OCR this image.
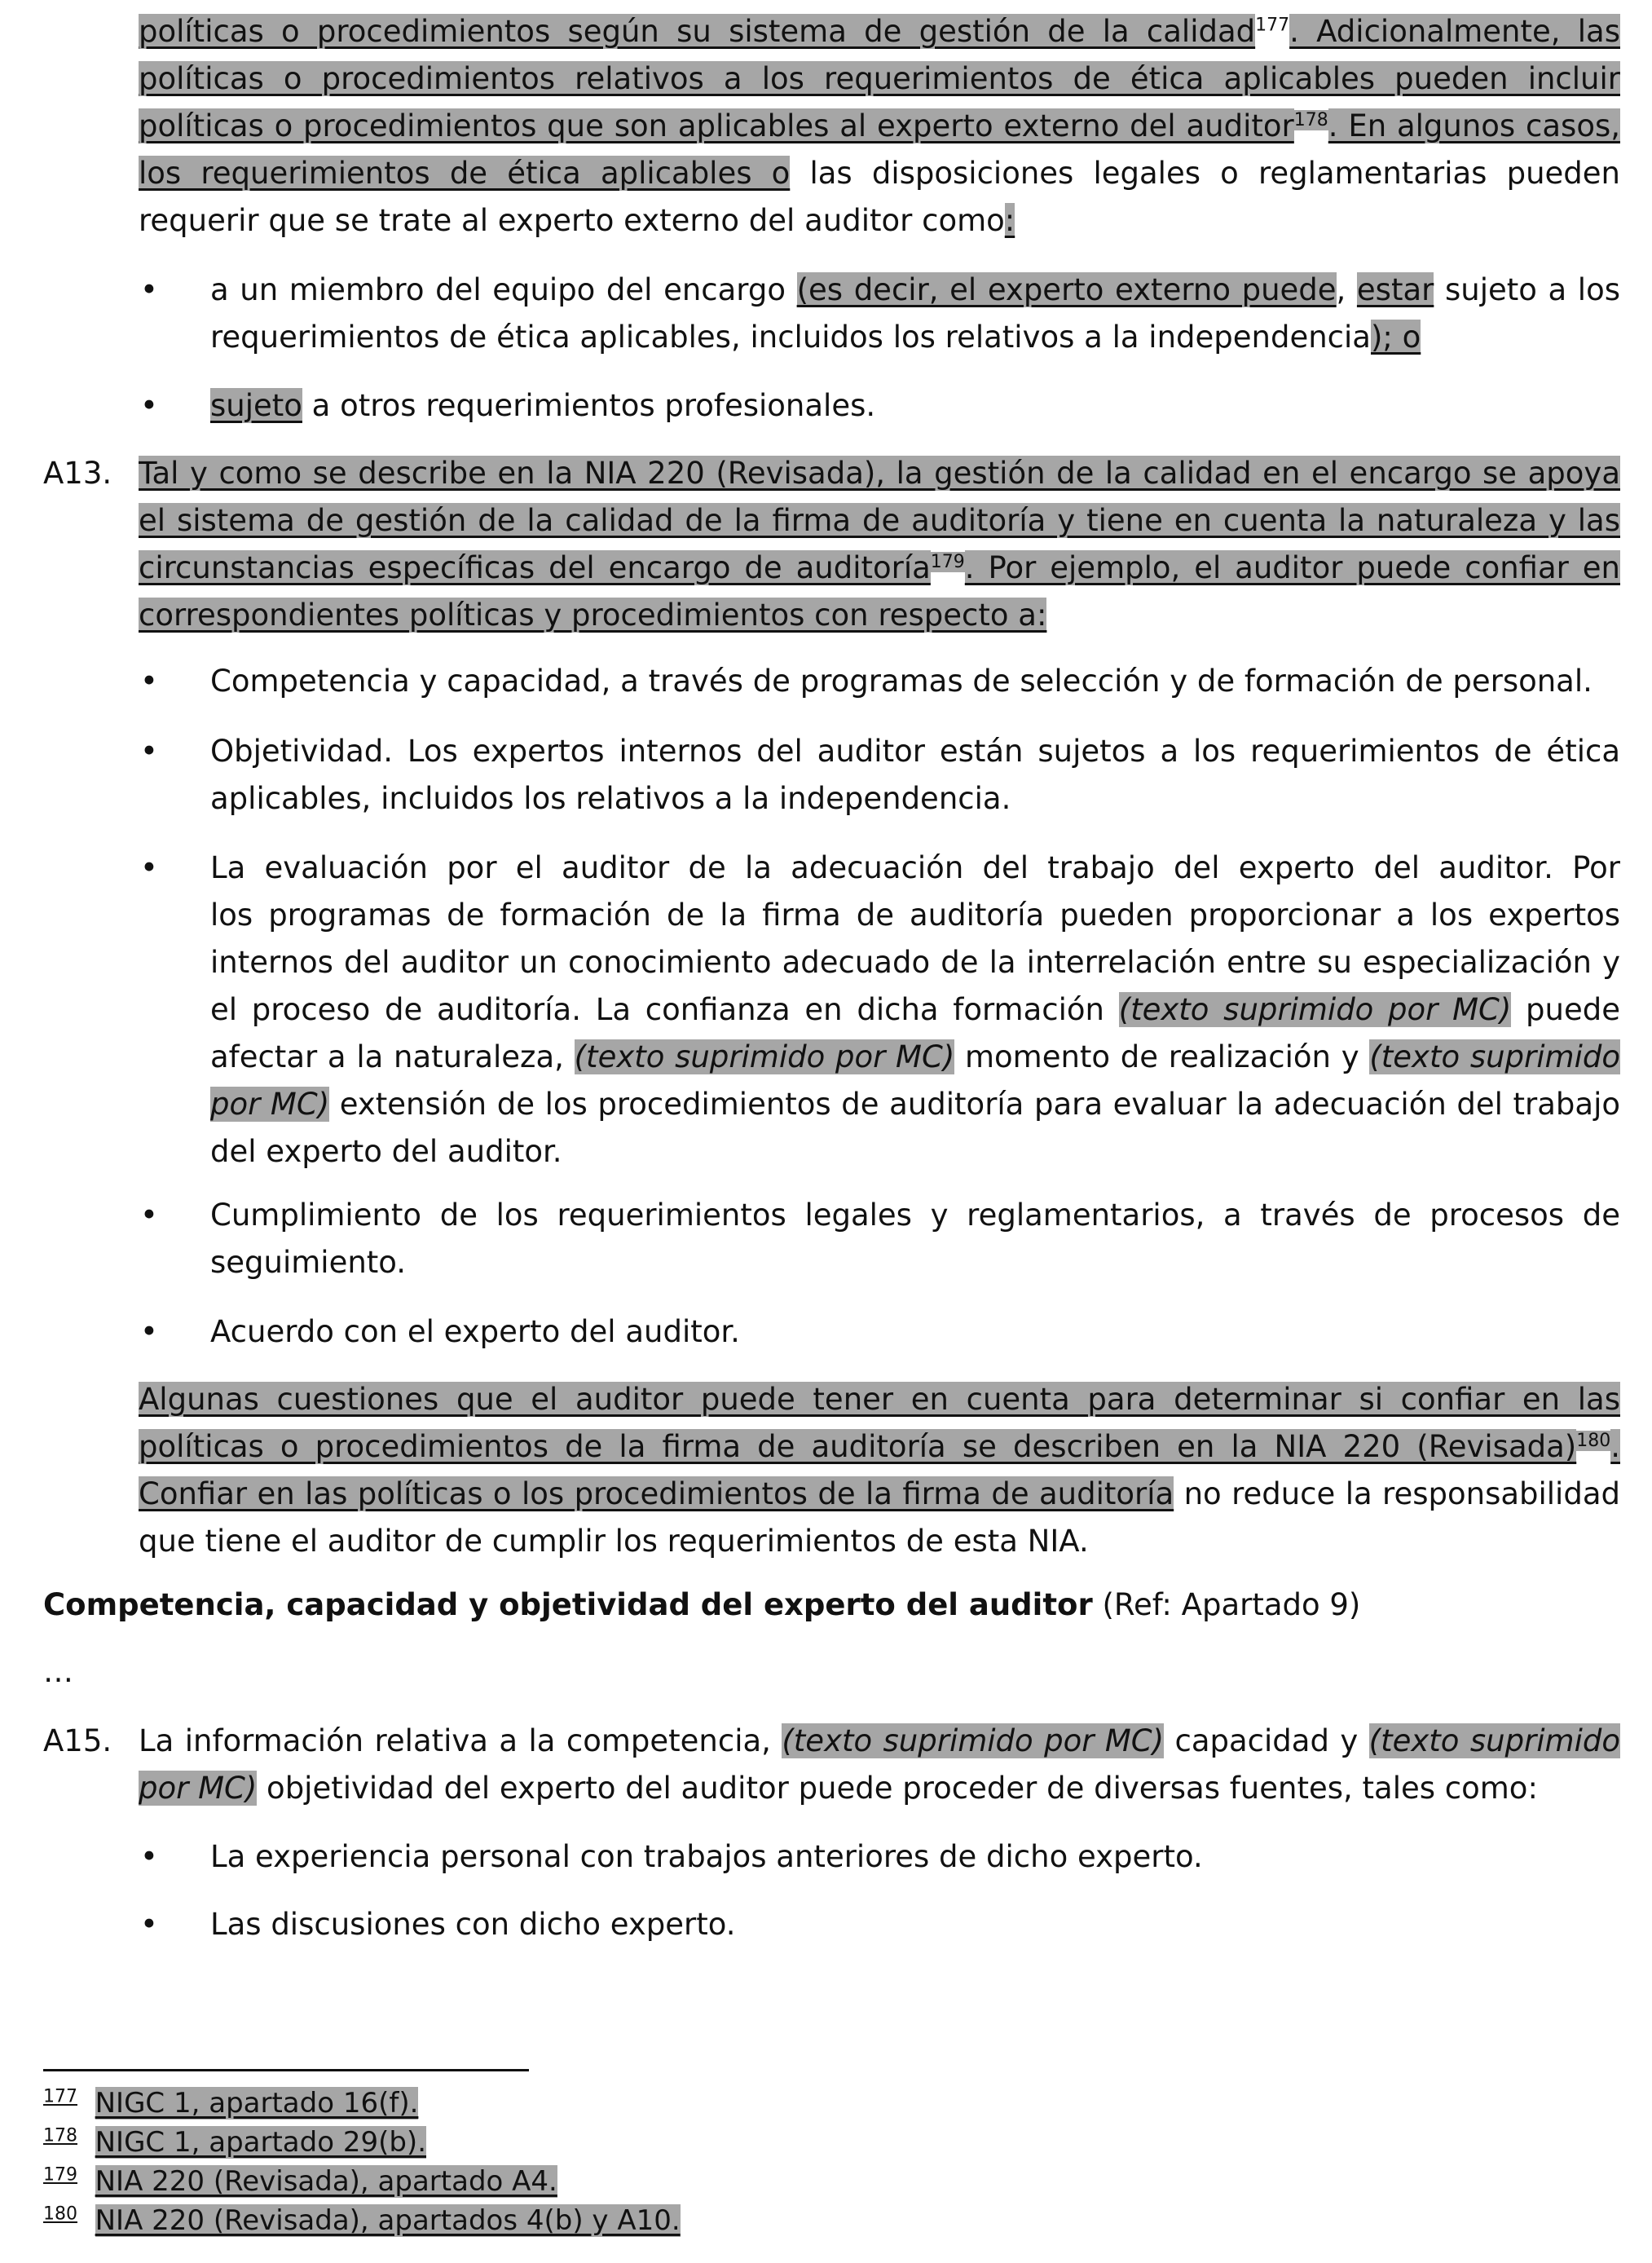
políticas o procedimientos según su sistema de gestión de la calidad$^{177}$. Adicionalmente, las
políticas o procedimientos relativos a los requerimientos de ética aplicables pueden incluir
políticas o procedimientos que son aplicables al experto externo del auditor$^{178}$. En algunos casos,
los requerimientos de ética aplicables o las disposiciones legales o reglamentarias pueden
requerir que se trate al experto externo del auditor como:
• a un miembro del equipo del encargo (es decir, el experto externo puede, estar sujeto a los
requerimientos de ética aplicables, incluidos los relativos a la independencia); o
• sujeto a otros requerimientos profesionales.
A13. Tal y como se describe en la NIA 220 (Revisada), la gestión de la calidad en el encargo se apoya
el sistema de gestión de la calidad de la firma de auditoría y tiene en cuenta la naturaleza y las
circunstancias específicas del encargo de auditoría$^{179}$. Por ejemplo, el auditor puede confiar en
correspondientes políticas y procedimientos con respecto a:
• Competencia y capacidad, a través de programas de selección y de formación de personal.
• Objetividad. Los expertos internos del auditor están sujetos a los requerimientos de ética
aplicables, incluidos los relativos a la independencia.
• La evaluación por el auditor de la adecuación del trabajo del experto del auditor. Por
los programas de formación de la firma de auditoría pueden proporcionar a los expertos
internos del auditor un conocimiento adecuado de la interrelación entre su especialización y
el proceso de auditoría. La confianza en dicha formación (texto suprimido por MC) puede
afectar a la naturaleza, (texto suprimido por MC) momento de realización y (texto suprimido
por MC) extensión de los procedimientos de auditoría para evaluar la adecuación del trabajo
del experto del auditor.
• Cumplimiento de los requerimientos legales y reglamentarios, a través de procesos de
seguimiento.
• Acuerdo con el experto del auditor.
Algunas cuestiones que el auditor puede tener en cuenta para determinar si confiar en las
políticas o procedimientos de la firma de auditoría se describen en la NIA 220 (Revisada)$^{180}$.
Confiar en las políticas o los procedimientos de la firma de auditoría no reduce la responsabilidad
que tiene el auditor de cumplir los requerimientos de esta NIA.
Competencia, capacidad y objetividad del experto del auditor (Ref: Apartado 9)
…
A15. La información relativa a la competencia, (texto suprimido por MC) capacidad y (texto suprimido
por MC) objetividad del experto del auditor puede proceder de diversas fuentes, tales como:
• La experiencia personal con trabajos anteriores de dicho experto.
• Las discusiones con dicho experto.
$^{177}$ NIGC 1, apartado 16(f).
$^{178}$ NIGC 1, apartado 29(b).
$^{179}$ NIA 220 (Revisada), apartado A4.
$^{180}$ NIA 220 (Revisada), apartados 4(b) y A10.
